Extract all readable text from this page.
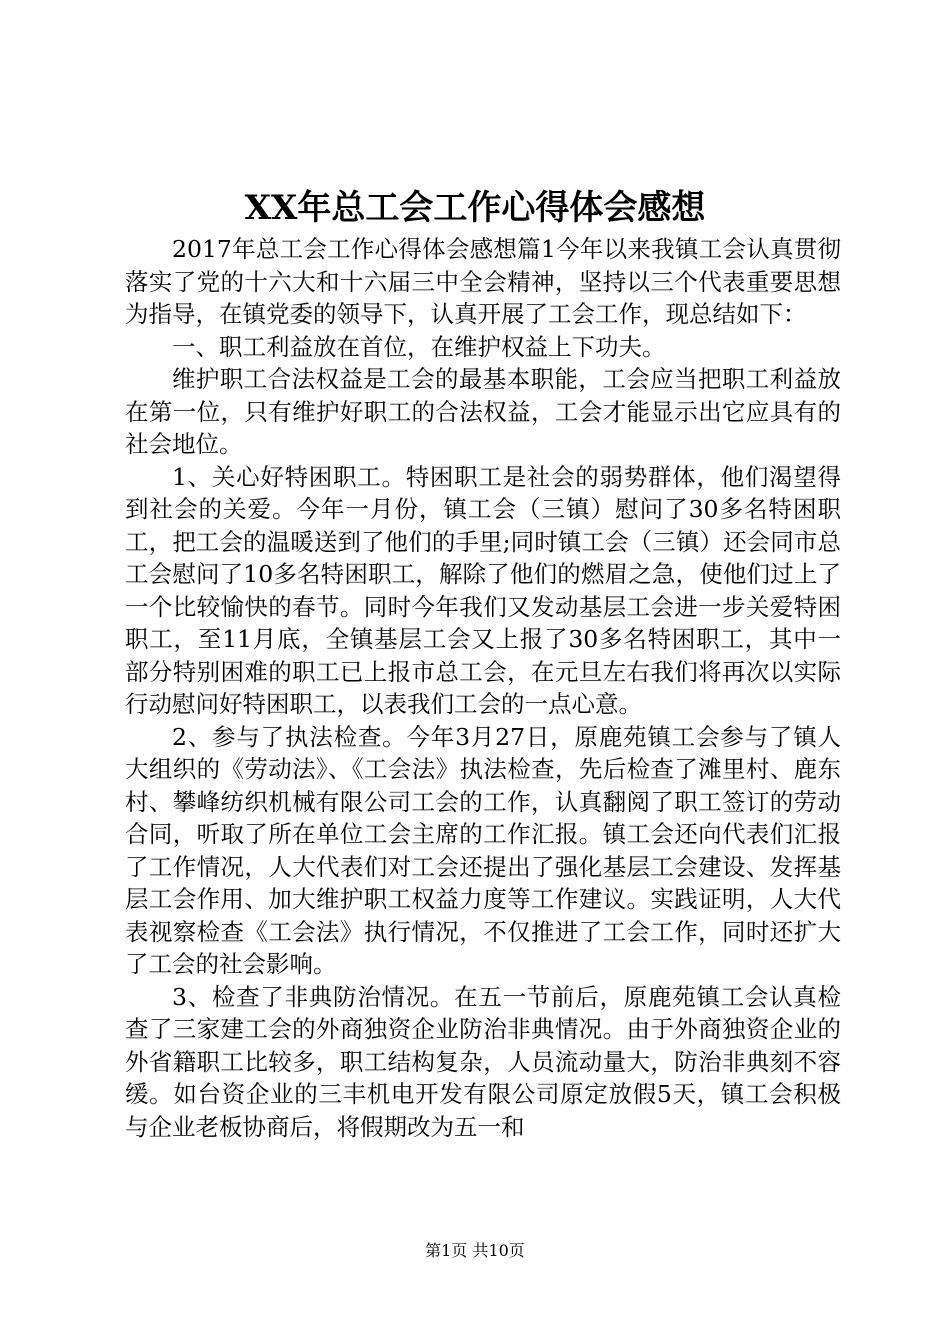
XX年总工会工作心得体会感想

2017年总工会工作心得体会感想篇1今年以来我镇工会认真贯彻落实了党的十六大和十六届三中全会精神，坚持以三个代表重要思想为指导，在镇党委的领导下，认真开展了工会工作，现总结如下：

一、职工利益放在首位，在维护权益上下功夫。

维护职工合法权益是工会的最基本职能，工会应当把职工利益放在第一位，只有维护好职工的合法权益，工会才能显示出它应具有的社会地位。

1、关心好特困职工。特困职工是社会的弱势群体，他们渴望得到社会的关爱。今年一月份，镇工会（三镇）慰问了30多名特困职工，把工会的温暖送到了他们的手里;同时镇工会（三镇）还会同市总工会慰问了10多名特困职工，解除了他们的燃眉之急，使他们过上了一个比较愉快的春节。同时今年我们又发动基层工会进一步关爱特困职工，至11月底，全镇基层工会又上报了30多名特困职工，其中一部分特别困难的职工已上报市总工会，在元旦左右我们将再次以实际行动慰问好特困职工，以表我们工会的一点心意。

2、参与了执法检查。今年3月27日，原鹿苑镇工会参与了镇人大组织的《劳动法》、《工会法》执法检查，先后检查了滩里村、鹿东村、攀峰纺织机械有限公司工会的工作，认真翻阅了职工签订的劳动合同，听取了所在单位工会主席的工作汇报。镇工会还向代表们汇报了工作情况，人大代表们对工会还提出了强化基层工会建设、发挥基层工会作用、加大维护职工权益力度等工作建议。实践证明，人大代表视察检查《工会法》执行情况，不仅推进了工会工作，同时还扩大了工会的社会影响。

3、检查了非典防治情况。在五一节前后，原鹿苑镇工会认真检查了三家建工会的外商独资企业防治非典情况。由于外商独资企业的外省籍职工比较多，职工结构复杂，人员流动量大，防治非典刻不容缓。如台资企业的三丰机电开发有限公司原定放假5天，镇工会积极与企业老板协商后，将假期改为五一和

第1页 共10页
